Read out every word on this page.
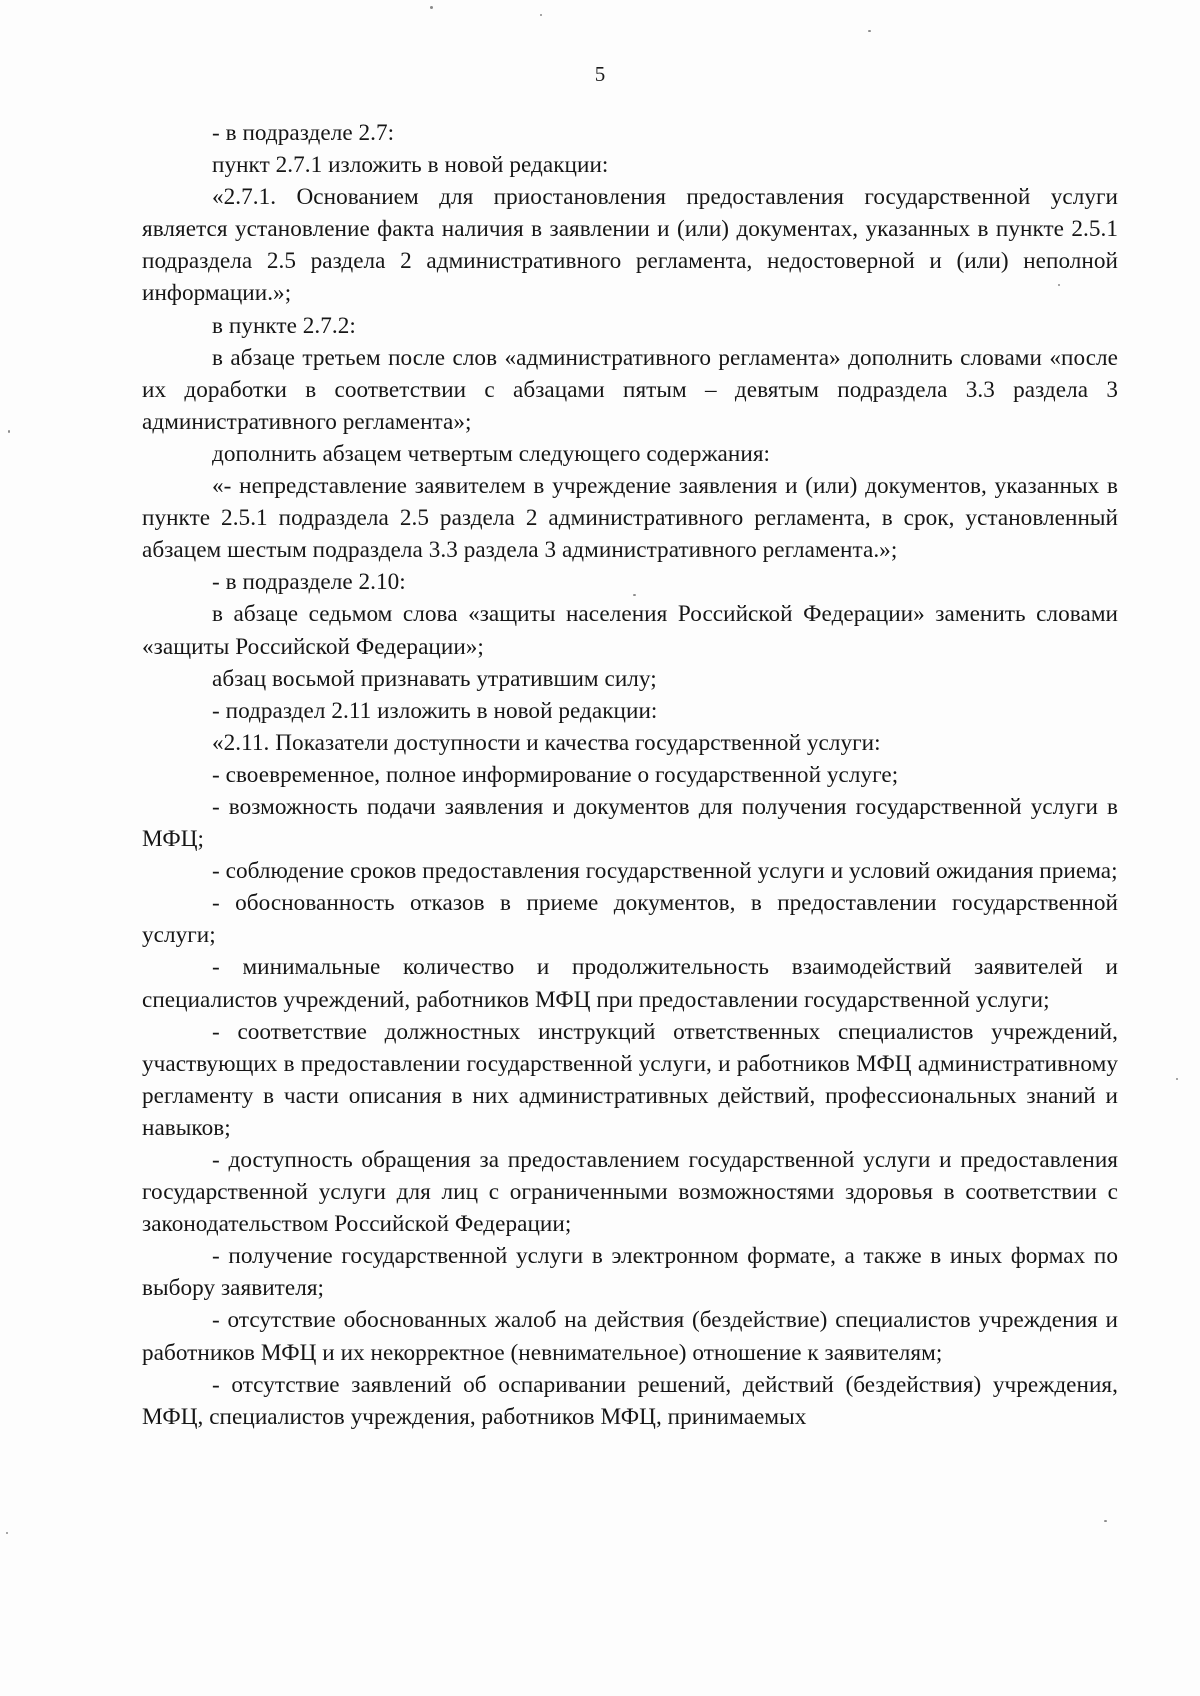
5

- в подразделе 2.7:

пункт 2.7.1 изложить в новой редакции:

«2.7.1. Основанием для приостановления предоставления государственной услуги является установление факта наличия в заявлении и (или) документах, указанных в пункте 2.5.1 подраздела 2.5 раздела 2 административного регламента, недостоверной и (или) неполной информации.»;

в пункте 2.7.2:

в абзаце третьем после слов «административного регламента» дополнить словами «после их доработки в соответствии с абзацами пятым – девятым подраздела 3.3 раздела 3 административного регламента»;

дополнить абзацем четвертым следующего содержания:

«- непредставление заявителем в учреждение заявления и (или) документов, указанных в пункте 2.5.1 подраздела 2.5 раздела 2 административного регламента, в срок, установленный абзацем шестым подраздела 3.3 раздела 3 административного регламента.»;

- в подразделе 2.10:

в абзаце седьмом слова «защиты населения Российской Федерации» заменить словами «защиты Российской Федерации»;

абзац восьмой признавать утратившим силу;

- подраздел 2.11 изложить в новой редакции:

«2.11. Показатели доступности и качества государственной услуги:

- своевременное, полное информирование о государственной услуге;

- возможность подачи заявления и документов для получения государственной услуги в МФЦ;

- соблюдение сроков предоставления государственной услуги и условий ожидания приема;

- обоснованность отказов в приеме документов, в предоставлении государственной услуги;

- минимальные количество и продолжительность взаимодействий заявителей и специалистов учреждений, работников МФЦ при предоставлении государственной услуги;

- соответствие должностных инструкций ответственных специалистов учреждений, участвующих в предоставлении государственной услуги, и работников МФЦ административному регламенту в части описания в них административных действий, профессиональных знаний и навыков;

- доступность обращения за предоставлением государственной услуги и предоставления государственной услуги для лиц с ограниченными возможностями здоровья в соответствии с законодательством Российской Федерации;

- получение государственной услуги в электронном формате, а также в иных формах по выбору заявителя;

- отсутствие обоснованных жалоб на действия (бездействие) специалистов учреждения и работников МФЦ и их некорректное (невнимательное) отношение к заявителям;

- отсутствие заявлений об оспаривании решений, действий (бездействия) учреждения, МФЦ, специалистов учреждения, работников МФЦ, принимаемых
